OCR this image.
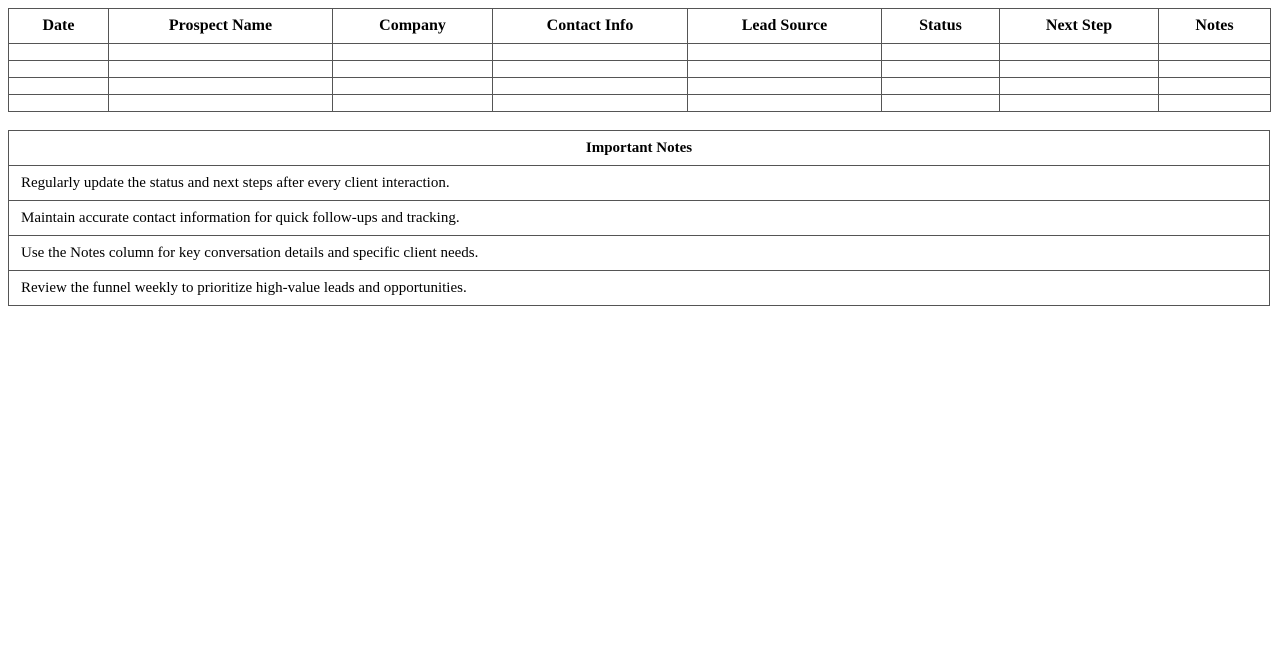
Date	Prospect Name	Company	Contact Info	Lead Source	Status	Next Step	Notes

Important Notes
Regularly update the status and next steps after every client interaction.
Maintain accurate contact information for quick follow-ups and tracking.
Use the Notes column for key conversation details and specific client needs.
Review the funnel weekly to prioritize high-value leads and opportunities.
